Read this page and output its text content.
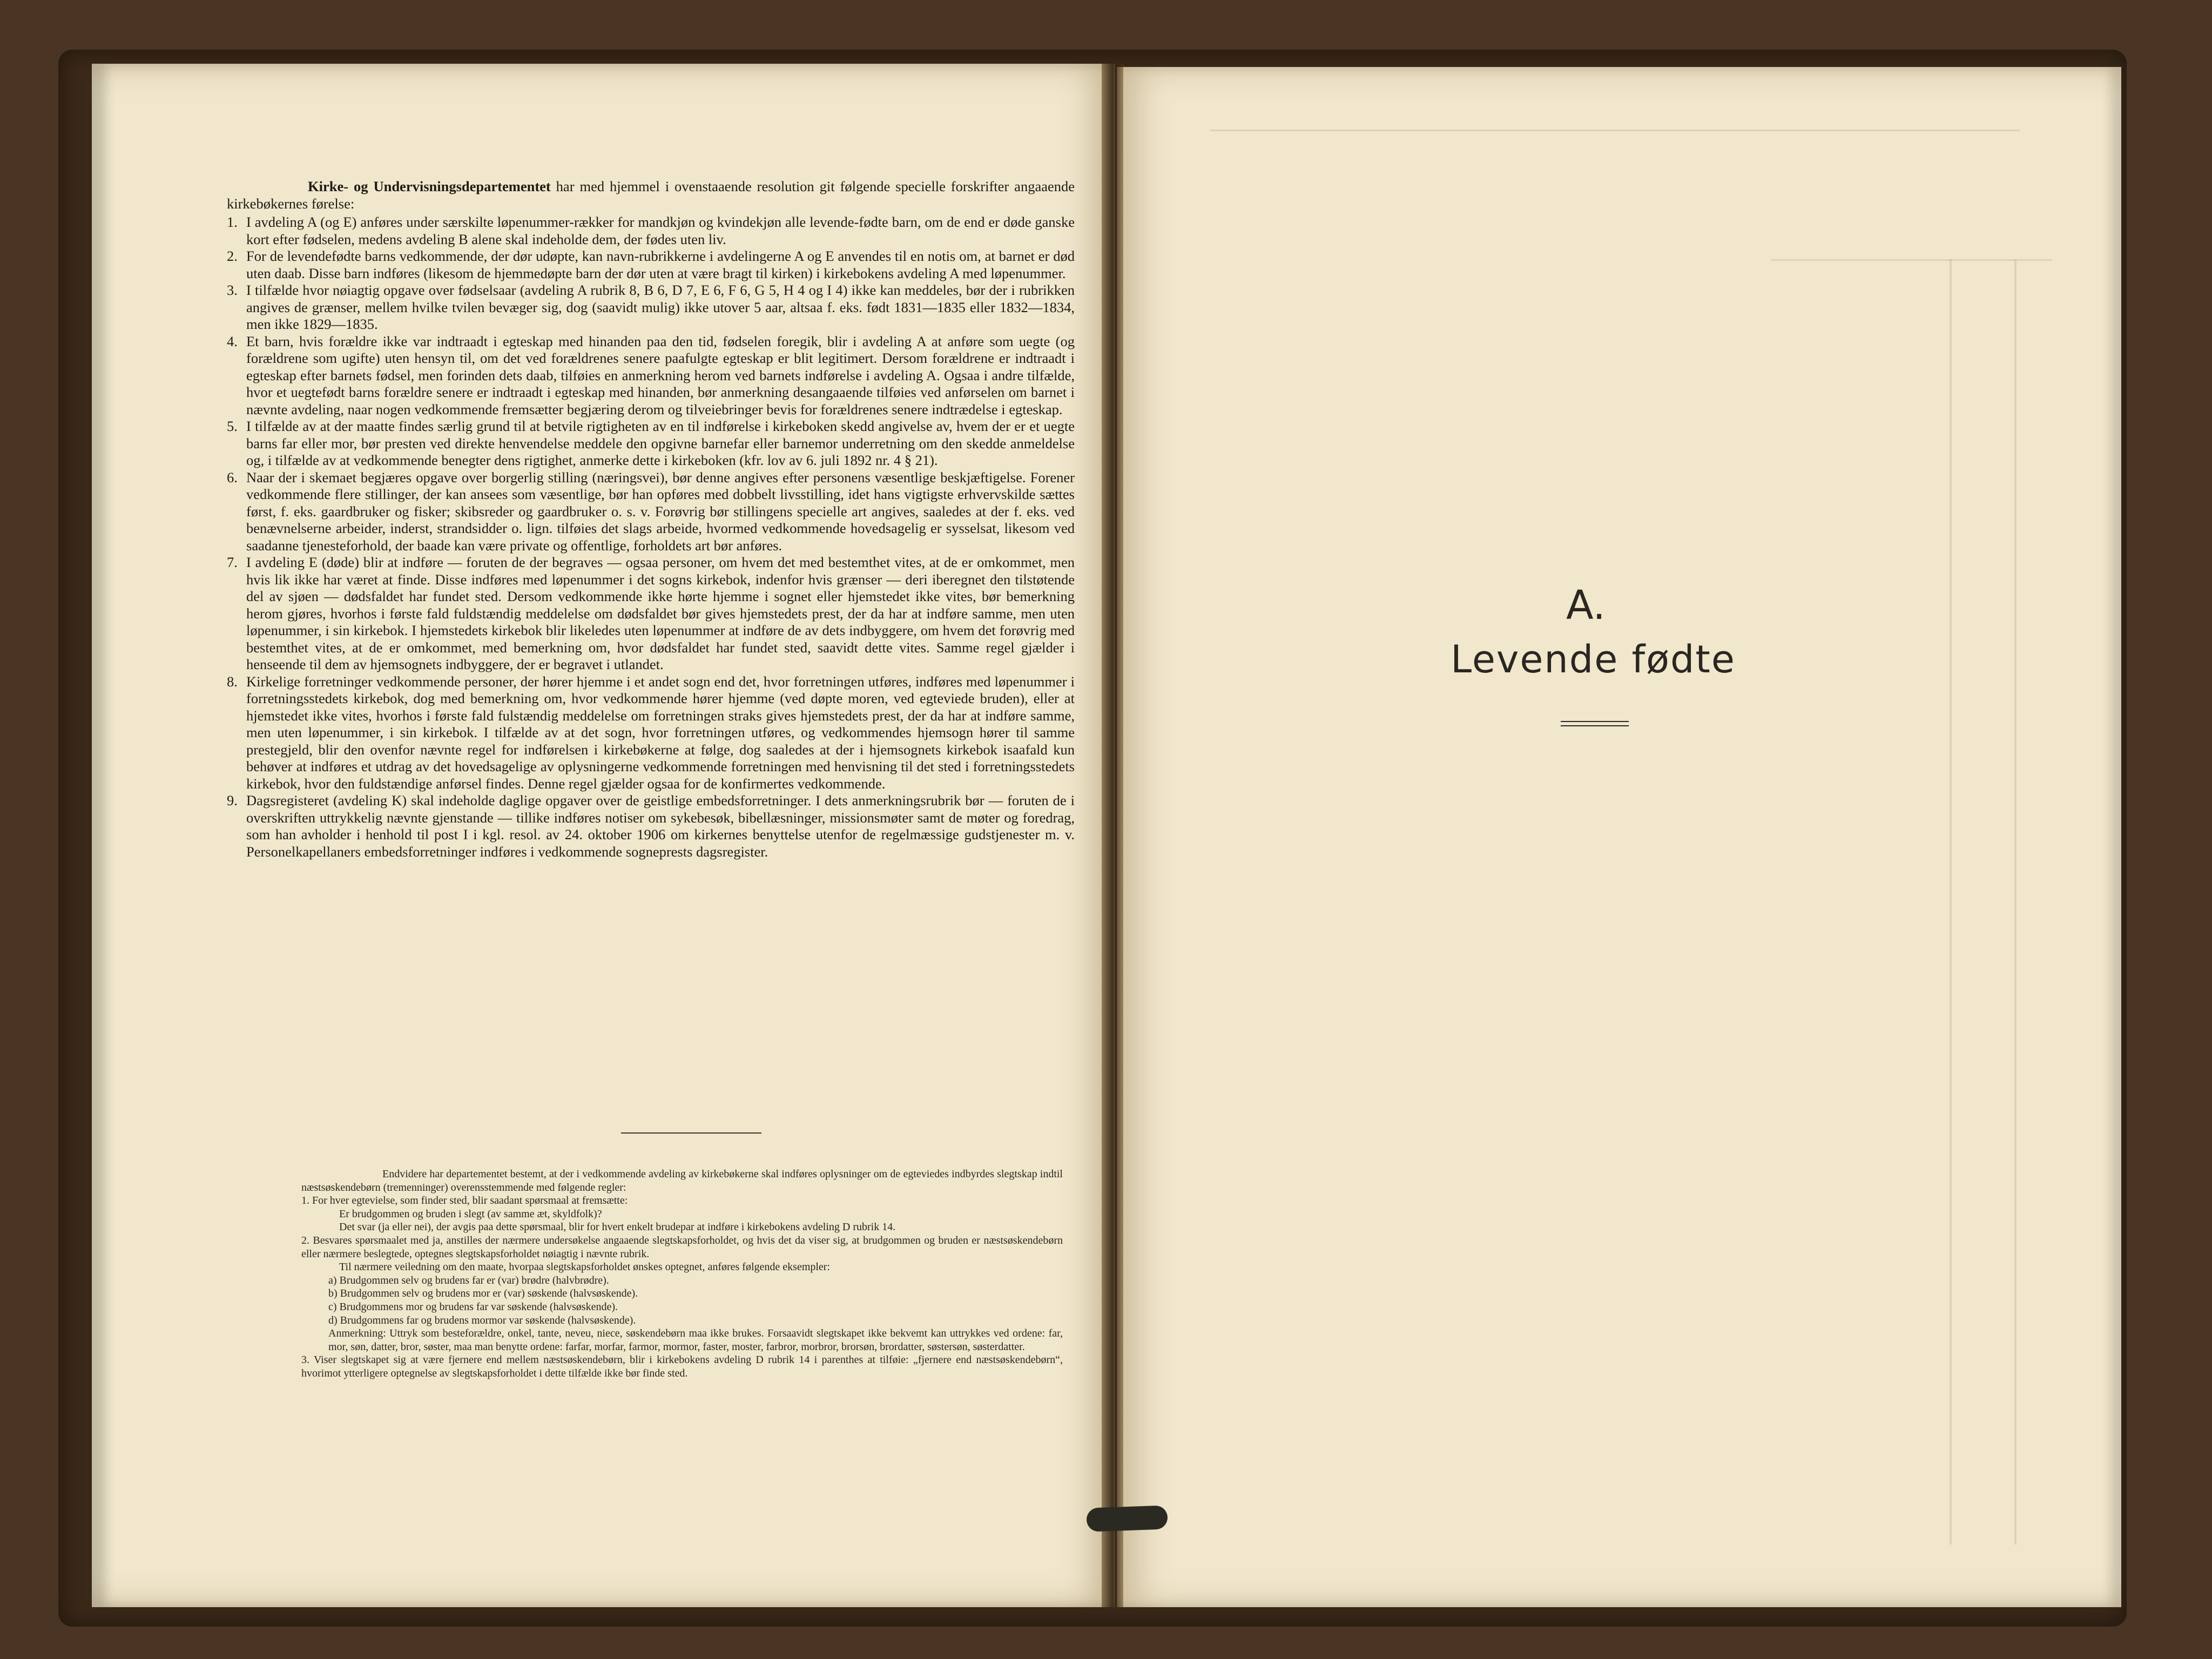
Kirke- og Undervisningsdepartementet har med hjemmel i ovenstaaende resolution git følgende specielle forskrifter angaaende kirkebøkernes førelse:

1. I avdeling A (og E) anføres under særskilte løpenummer-rækker for mandkjøn og kvindekjøn alle levende-fødte barn, om de end er døde ganske kort efter fødselen, medens avdeling B alene skal indeholde dem, der fødes uten liv.
2. For de levendefødte barns vedkommende, der dør udøpte, kan navn-rubrikkerne i avdelingerne A og E anvendes til en notis om, at barnet er død uten daab. Disse barn indføres (likesom de hjemmedøpte barn der dør uten at være bragt til kirken) i kirkebokens avdeling A med løpenummer.
3. I tilfælde hvor nøiagtig opgave over fødselsaar (avdeling A rubrik 8, B 6, D 7, E 6, F 6, G 5, H 4 og I 4) ikke kan meddeles, bør der i rubrikken angives de grænser, mellem hvilke tvilen bevæger sig, dog (saavidt mulig) ikke utover 5 aar, altsaa f. eks. født 1831—1835 eller 1832—1834, men ikke 1829—1835.
4. Et barn, hvis forældre ikke var indtraadt i egteskap med hinanden paa den tid, fødselen foregik, blir i avdeling A at anføre som uegte (og forældrene som ugifte) uten hensyn til, om det ved forældrenes senere paafulgte egteskap er blit legitimert. Dersom forældrene er indtraadt i egteskap efter barnets fødsel, men forinden dets daab, tilføies en anmerkning herom ved barnets indførelse i avdeling A. Ogsaa i andre tilfælde, hvor et uegtefødt barns forældre senere er indtraadt i egteskap med hinanden, bør anmerkning desangaaende tilføies ved anførselen om barnet i nævnte avdeling, naar nogen vedkommende fremsætter begjæring derom og tilveiebringer bevis for forældrenes senere indtrædelse i egteskap.
5. I tilfælde av at der maatte findes særlig grund til at betvile rigtigheten av en til indførelse i kirkeboken skedd angivelse av, hvem der er et uegte barns far eller mor, bør presten ved direkte henvendelse meddele den opgivne barnefar eller barnemor underretning om den skedde anmeldelse og, i tilfælde av at vedkommende benegter dens rigtighet, anmerke dette i kirkeboken (kfr. lov av 6. juli 1892 nr. 4 § 21).
6. Naar der i skemaet begjæres opgave over borgerlig stilling (næringsvei), bør denne angives efter personens væsentlige beskjæftigelse. Forener vedkommende flere stillinger, der kan ansees som væsentlige, bør han opføres med dobbelt livsstilling, idet hans vigtigste erhvervskilde sættes først, f. eks. gaardbruker og fisker; skibsreder og gaardbruker o. s. v. Forøvrig bør stillingens specielle art angives, saaledes at der f. eks. ved benævnelserne arbeider, inderst, strandsidder o. lign. tilføies det slags arbeide, hvormed vedkommende hovedsagelig er sysselsat, likesom ved saadanne tjenesteforhold, der baade kan være private og offentlige, forholdets art bør anføres.
7. I avdeling E (døde) blir at indføre — foruten de der begraves — ogsaa personer, om hvem det med bestemthet vites, at de er omkommet, men hvis lik ikke har været at finde. Disse indføres med løpenummer i det sogns kirkebok, indenfor hvis grænser — deri iberegnet den tilstøtende del av sjøen — dødsfaldet har fundet sted. Dersom vedkommende ikke hørte hjemme i sognet eller hjemstedet ikke vites, bør bemerkning herom gjøres, hvorhos i første fald fuldstændig meddelelse om dødsfaldet bør gives hjemstedets prest, der da har at indføre samme, men uten løpenummer, i sin kirkebok. I hjemstedets kirkebok blir likeledes uten løpenummer at indføre de av dets indbyggere, om hvem det forøvrig med bestemthet vites, at de er omkommet, med bemerkning om, hvor dødsfaldet har fundet sted, saavidt dette vites. Samme regel gjælder i henseende til dem av hjemsognets indbyggere, der er begravet i utlandet.
8. Kirkelige forretninger vedkommende personer, der hører hjemme i et andet sogn end det, hvor forretningen utføres, indføres med løpenummer i forretningsstedets kirkebok, dog med bemerkning om, hvor vedkommende hører hjemme (ved døpte moren, ved egteviede bruden), eller at hjemstedet ikke vites, hvorhos i første fald fulstændig meddelelse om forretningen straks gives hjemstedets prest, der da har at indføre samme, men uten løpenummer, i sin kirkebok. I tilfælde av at det sogn, hvor forretningen utføres, og vedkommendes hjemsogn hører til samme prestegjeld, blir den ovenfor nævnte regel for indførelsen i kirkebøkerne at følge, dog saaledes at der i hjemsognets kirkebok isaafald kun behøver at indføres et utdrag av det hovedsagelige av oplysningerne vedkommende forretningen med henvisning til det sted i forretningsstedets kirkebok, hvor den fuldstændige anførsel findes. Denne regel gjælder ogsaa for de konfirmertes vedkommende.
9. Dagsregisteret (avdeling K) skal indeholde daglige opgaver over de geistlige embedsforretninger. I dets anmerkningsrubrik bør — foruten de i overskriften uttrykkelig nævnte gjenstande — tillike indføres notiser om sykebesøk, bibellæsninger, missionsmøter samt de møter og foredrag, som han avholder i henhold til post I i kgl. resol. av 24. oktober 1906 om kirkernes benyttelse utenfor de regelmæssige gudstjenester m. v. Personelkapellaners embedsforretninger indføres i vedkommende sogneprests dagsregister.

Endvidere har departementet bestemt, at der i vedkommende avdeling av kirkebøkerne skal indføres oplysninger om de egteviedes indbyrdes slegtskap indtil næstsøskendebørn (tremenninger) overensstemmende med følgende regler:

1. For hver egtevielse, som finder sted, blir saadant spørsmaal at fremsætte:

Er brudgommen og bruden i slegt (av samme æt, skyldfolk)?

Det svar (ja eller nei), der avgis paa dette spørsmaal, blir for hvert enkelt brudepar at indføre i kirkebokens avdeling D rubrik 14.

2. Besvares spørsmaalet med ja, anstilles der nærmere undersøkelse angaaende slegtskapsforholdet, og hvis det da viser sig, at brudgommen og bruden er næstsøskendebørn eller nærmere beslegtede, optegnes slegtskapsforholdet nøiagtig i nævnte rubrik.

Til nærmere veiledning om den maate, hvorpaa slegtskapsforholdet ønskes optegnet, anføres følgende eksempler:

a) Brudgommen selv og brudens far er (var) brødre (halvbrødre).

b) Brudgommen selv og brudens mor er (var) søskende (halvsøskende).

c) Brudgommens mor og brudens far var søskende (halvsøskende).

d) Brudgommens far og brudens mormor var søskende (halvsøskende).

Anmerkning: Uttryk som besteforældre, onkel, tante, neveu, niece, søskendebørn maa ikke brukes. Forsaavidt slegtskapet ikke bekvemt kan uttrykkes ved ordene: far, mor, søn, datter, bror, søster, maa man benytte ordene: farfar, morfar, farmor, mormor, faster, moster, farbror, morbror, brorsøn, brordatter, søstersøn, søsterdatter.

3. Viser slegtskapet sig at være fjernere end mellem næstsøskendebørn, blir i kirkebokens avdeling D rubrik 14 i parenthes at tilføie: „fjernere end næstsøskendebørn“, hvorimot ytterligere optegnelse av slegtskapsforholdet i dette tilfælde ikke bør finde sted.

A.
Levende fødte
